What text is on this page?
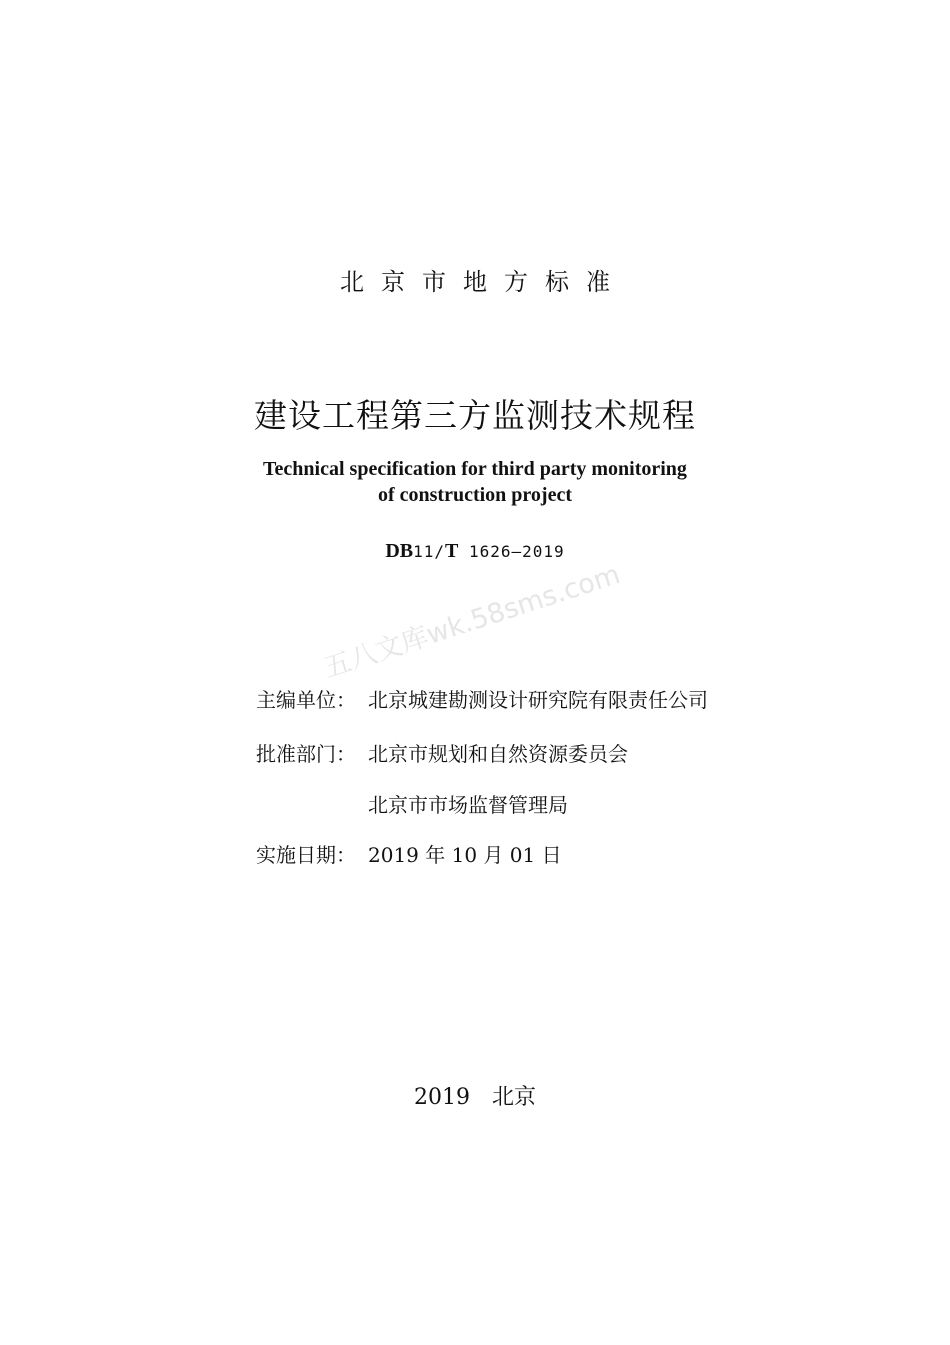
北京市地方标准
建设工程第三方监测技术规程
Technical specification for third party monitoring
of construction project
DB11/T 1626—2019
五八文库wk.58sms.com
主编单位： 北京城建勘测设计研究院有限责任公司
批准部门： 北京市规划和自然资源委员会
北京市市场监督管理局
实施日期： 2019 年 10 月 01 日
2019　北京
